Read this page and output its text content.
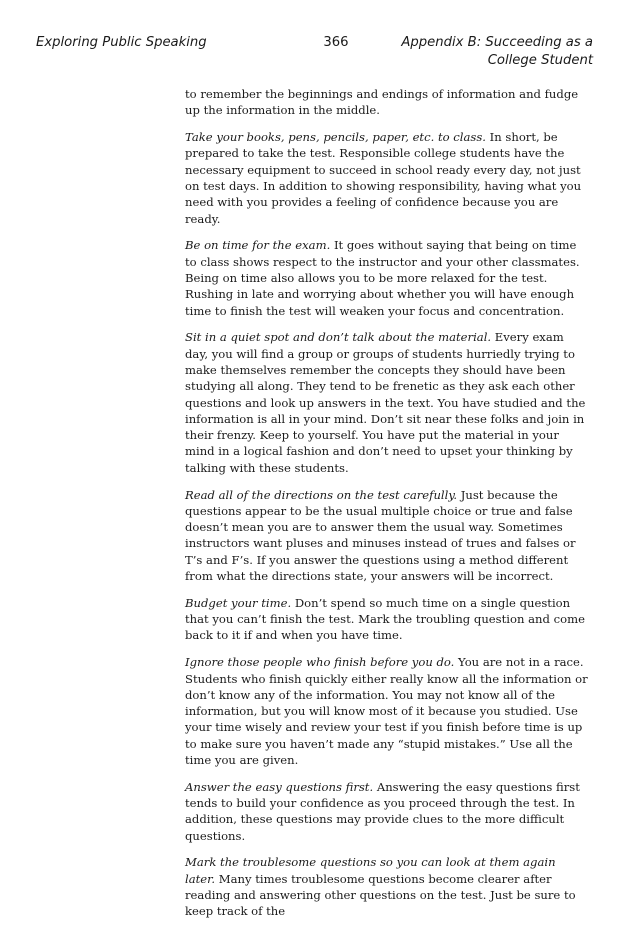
Exploring Public Speaking	366	Appendix B: Succeeding as a
College Student

to remember the beginnings and endings of information and fudge up the information in the middle.

Take your books, pens, pencils, paper, etc. to class. In short, be prepared to take the test. Responsible college students have the necessary equipment to succeed in school ready every day, not just on test days. In addition to showing responsibility, having what you need with you provides a feeling of confidence because you are ready.

Be on time for the exam. It goes without saying that being on time to class shows respect to the instructor and your other classmates. Being on time also allows you to be more relaxed for the test. Rushing in late and worrying about whether you will have enough time to finish the test will weaken your focus and concentration.

Sit in a quiet spot and don’t talk about the material. Every exam day, you will find a group or groups of students hurriedly trying to make themselves remember the concepts they should have been studying all along. They tend to be frenetic as they ask each other questions and look up answers in the text. You have studied and the information is all in your mind. Don’t sit near these folks and join in their frenzy. Keep to yourself. You have put the material in your mind in a logical fashion and don’t need to upset your thinking by talking with these students.

Read all of the directions on the test carefully. Just because the questions appear to be the usual multiple choice or true and false doesn’t mean you are to answer them the usual way. Sometimes instructors want pluses and minuses instead of trues and falses or T’s and F’s. If you answer the questions using a method different from what the directions state, your answers will be incorrect.

Budget your time. Don’t spend so much time on a single question that you can’t finish the test. Mark the troubling question and come back to it if and when you have time.

Ignore those people who finish before you do. You are not in a race. Students who finish quickly either really know all the information or don’t know any of the information. You may not know all of the information, but you will know most of it because you studied. Use your time wisely and review your test if you finish before time is up to make sure you haven’t made any “stupid mistakes.” Use all the time you are given.

Answer the easy questions first. Answering the easy questions first tends to build your confidence as you proceed through the test. In addition, these questions may provide clues to the more difficult questions.

Mark the troublesome questions so you can look at them again later. Many times troublesome questions become clearer after reading and answering other questions on the test. Just be sure to keep track of the
